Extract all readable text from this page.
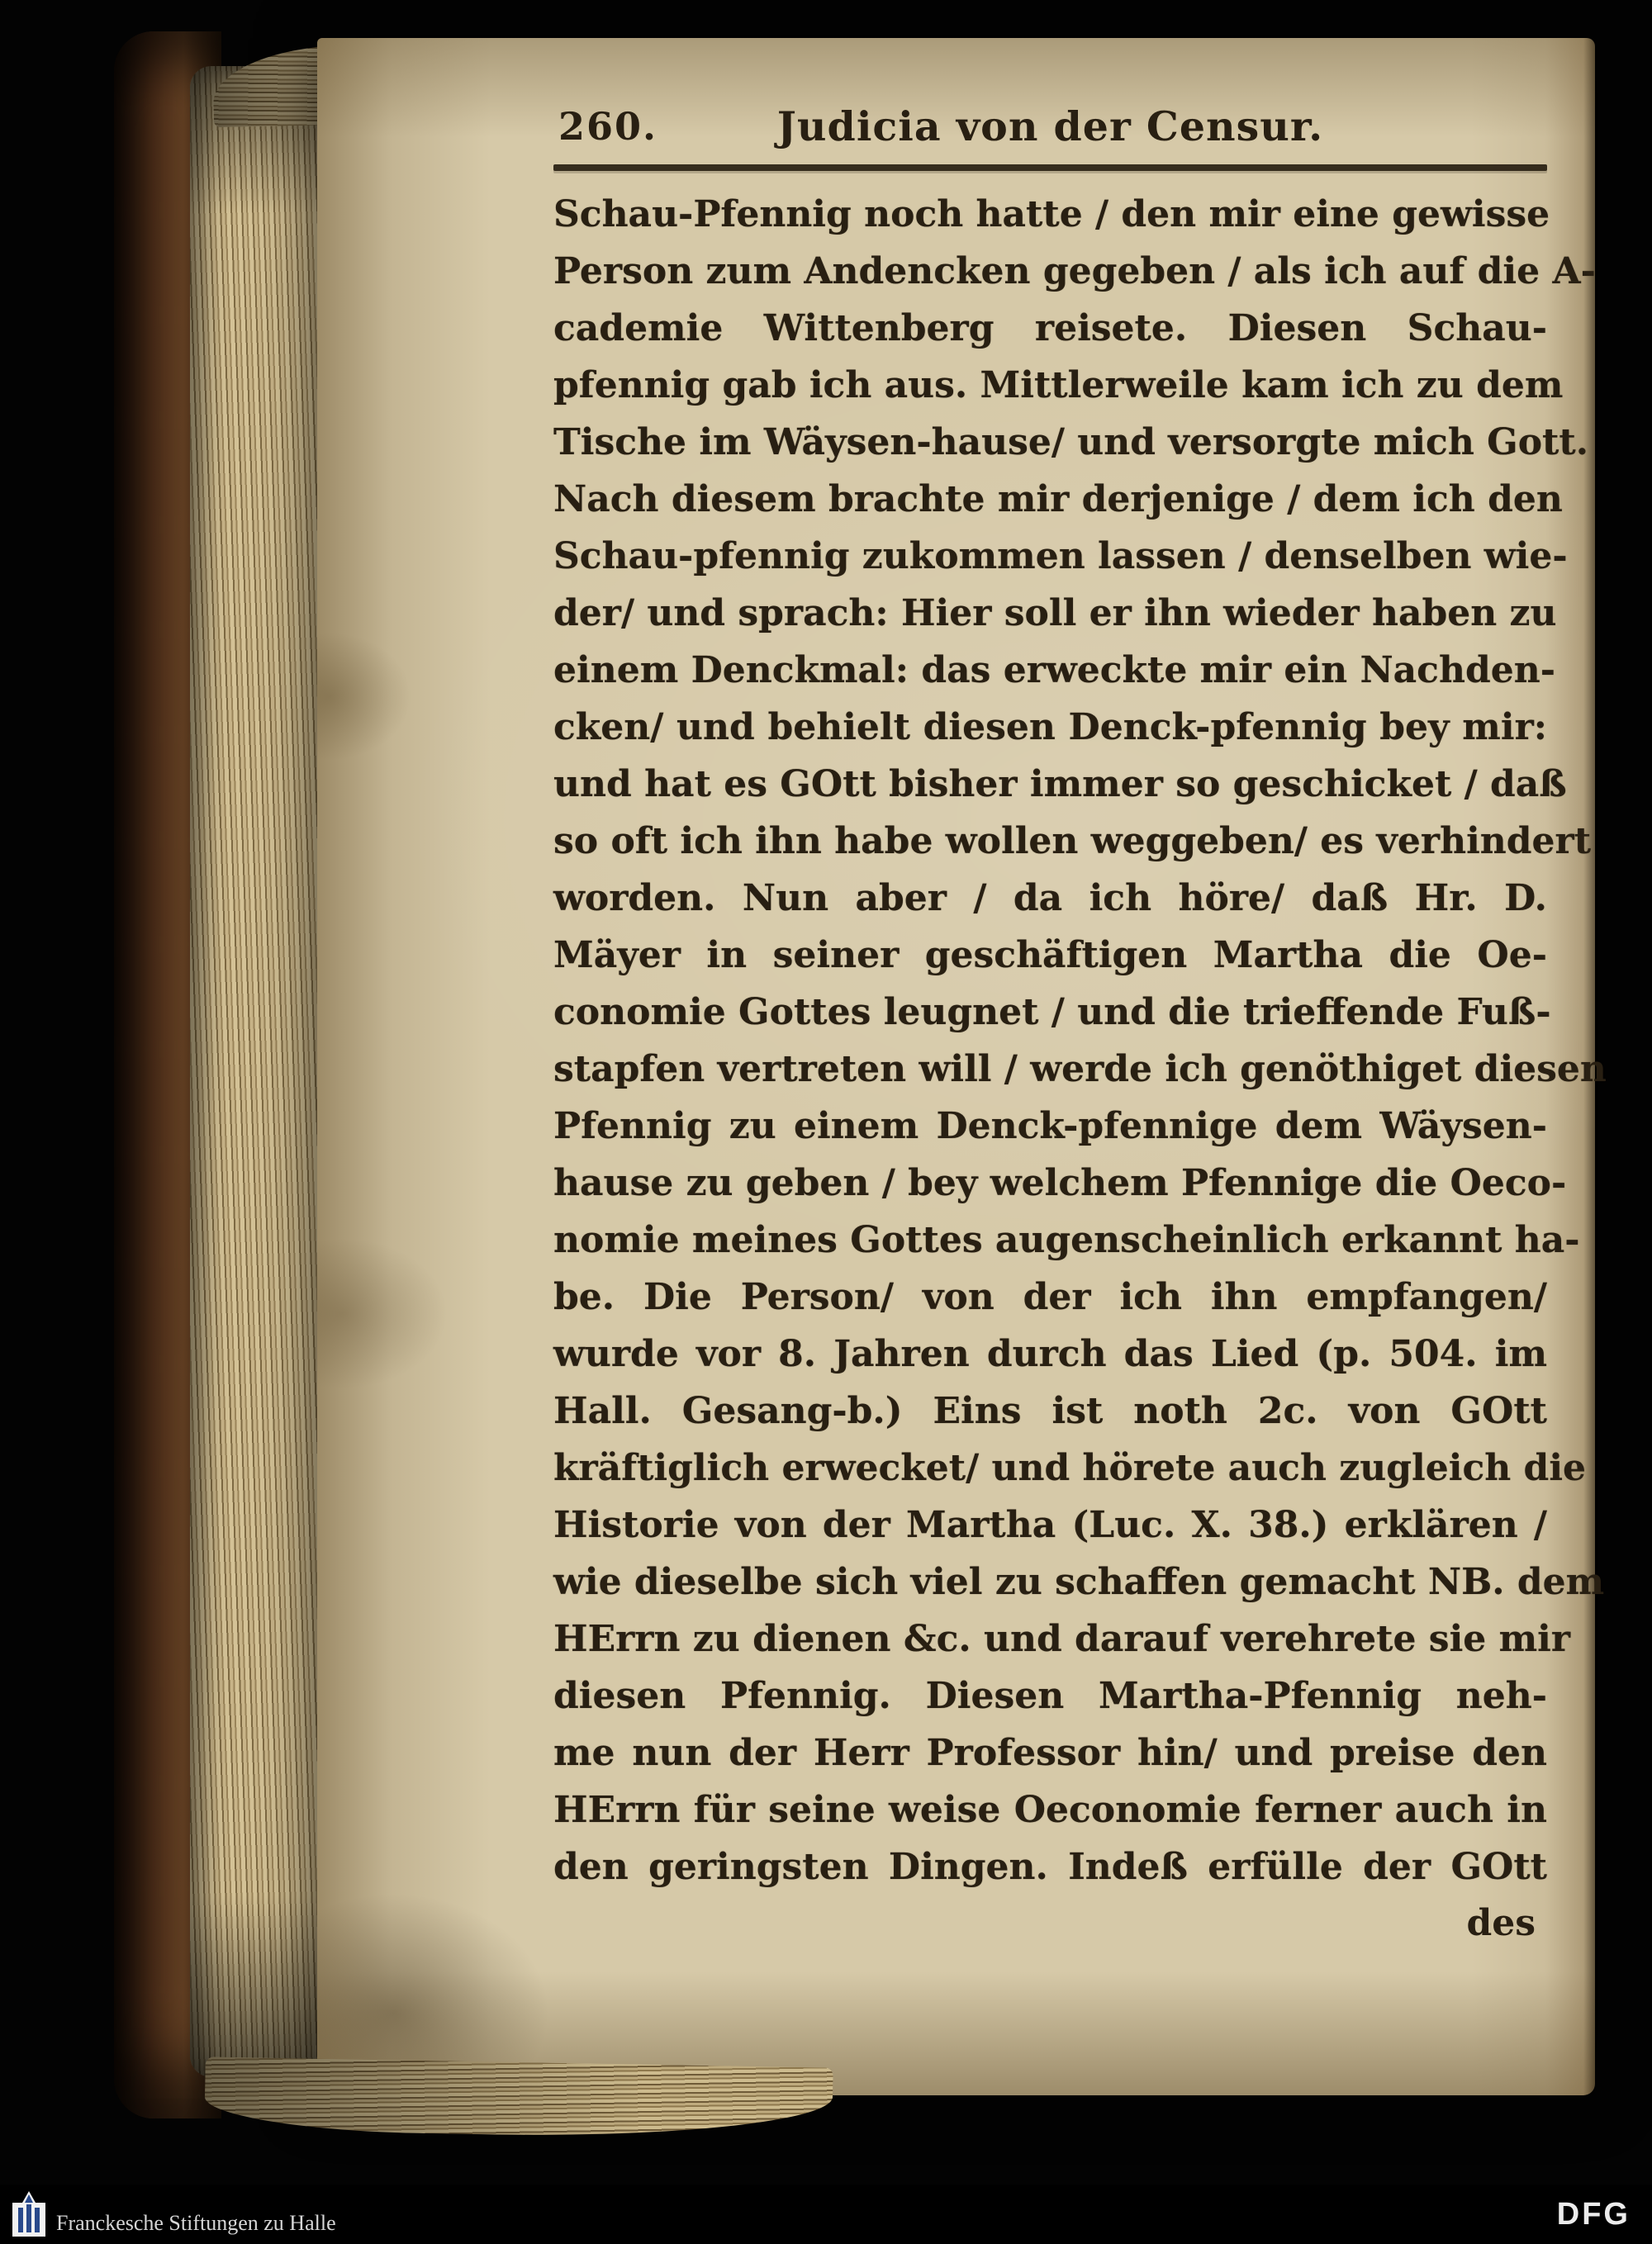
260.	Judicia von der Censur.
Schau-Pfennig noch hatte / den mir eine gewisse
Person zum Andencken gegeben / als ich auf die A-
cademie Wittenberg reisete. Diesen Schau-
pfennig gab ich aus. Mittlerweile kam ich zu dem
Tische im Wäysen-hause/ und versorgte mich Gott.
Nach diesem brachte mir derjenige / dem ich den
Schau-pfennig zukommen lassen / denselben wie-
der/ und sprach: Hier soll er ihn wieder haben zu
einem Denckmal: das erweckte mir ein Nachden-
cken/ und behielt diesen Denck-pfennig bey mir:
und hat es GOtt bisher immer so geschicket / daß
so oft ich ihn habe wollen weggeben/ es verhindert
worden. Nun aber / da ich höre/ daß Hr. D.
Mäyer in seiner geschäftigen Martha die Oe-
conomie Gottes leugnet / und die trieffende Fuß-
stapfen vertreten will / werde ich genöthiget diesen
Pfennig zu einem Denck-pfennige dem Wäysen-
hause zu geben / bey welchem Pfennige die Oeco-
nomie meines Gottes augenscheinlich erkannt ha-
be. Die Person/ von der ich ihn empfangen/
wurde vor 8. Jahren durch das Lied (p. 504. im
Hall. Gesang-b.) Eins ist noth 2c. von GOtt
kräftiglich erwecket/ und hörete auch zugleich die
Historie von der Martha (Luc. X. 38.) erklären /
wie dieselbe sich viel zu schaffen gemacht NB. dem
HErrn zu dienen &c. und darauf verehrete sie mir
diesen Pfennig. Diesen Martha-Pfennig neh-
me nun der Herr Professor hin/ und preise den
HErrn für seine weise Oeconomie ferner auch in
den geringsten Dingen. Indeß erfülle der GOtt
des
Franckesche Stiftungen zu Halle	DFG
